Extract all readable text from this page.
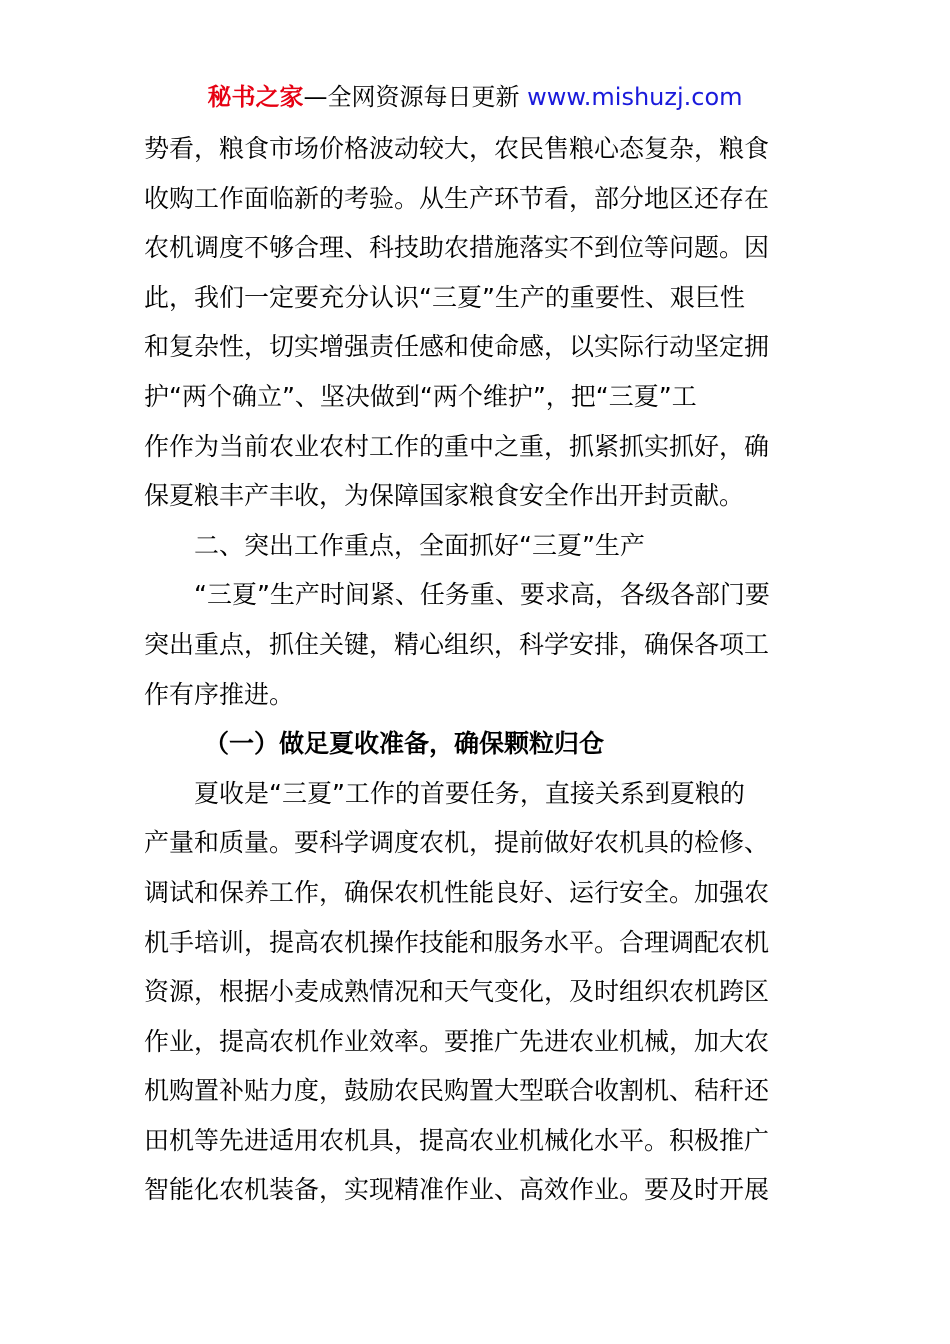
秘书之家—全网资源每日更新 www.mishuzj.com
势看，粮食市场价格波动较大，农民售粮心态复杂，粮食
收购工作面临新的考验。从生产环节看，部分地区还存在
农机调度不够合理、科技助农措施落实不到位等问题。因
此，我们一定要充分认识“三夏”生产的重要性、艰巨性
和复杂性，切实增强责任感和使命感，以实际行动坚定拥
护“两个确立”、坚决做到“两个维护”，把“三夏”工
作作为当前农业农村工作的重中之重，抓紧抓实抓好，确
保夏粮丰产丰收，为保障国家粮食安全作出开封贡献。
二、突出工作重点，全面抓好“三夏”生产
“三夏”生产时间紧、任务重、要求高，各级各部门要
突出重点，抓住关键，精心组织，科学安排，确保各项工
作有序推进。
（一）做足夏收准备，确保颗粒归仓
夏收是“三夏”工作的首要任务，直接关系到夏粮的
产量和质量。要科学调度农机，提前做好农机具的检修、
调试和保养工作，确保农机性能良好、运行安全。加强农
机手培训，提高农机操作技能和服务水平。合理调配农机
资源，根据小麦成熟情况和天气变化，及时组织农机跨区
作业，提高农机作业效率。要推广先进农业机械，加大农
机购置补贴力度，鼓励农民购置大型联合收割机、秸秆还
田机等先进适用农机具，提高农业机械化水平。积极推广
智能化农机装备，实现精准作业、高效作业。要及时开展
